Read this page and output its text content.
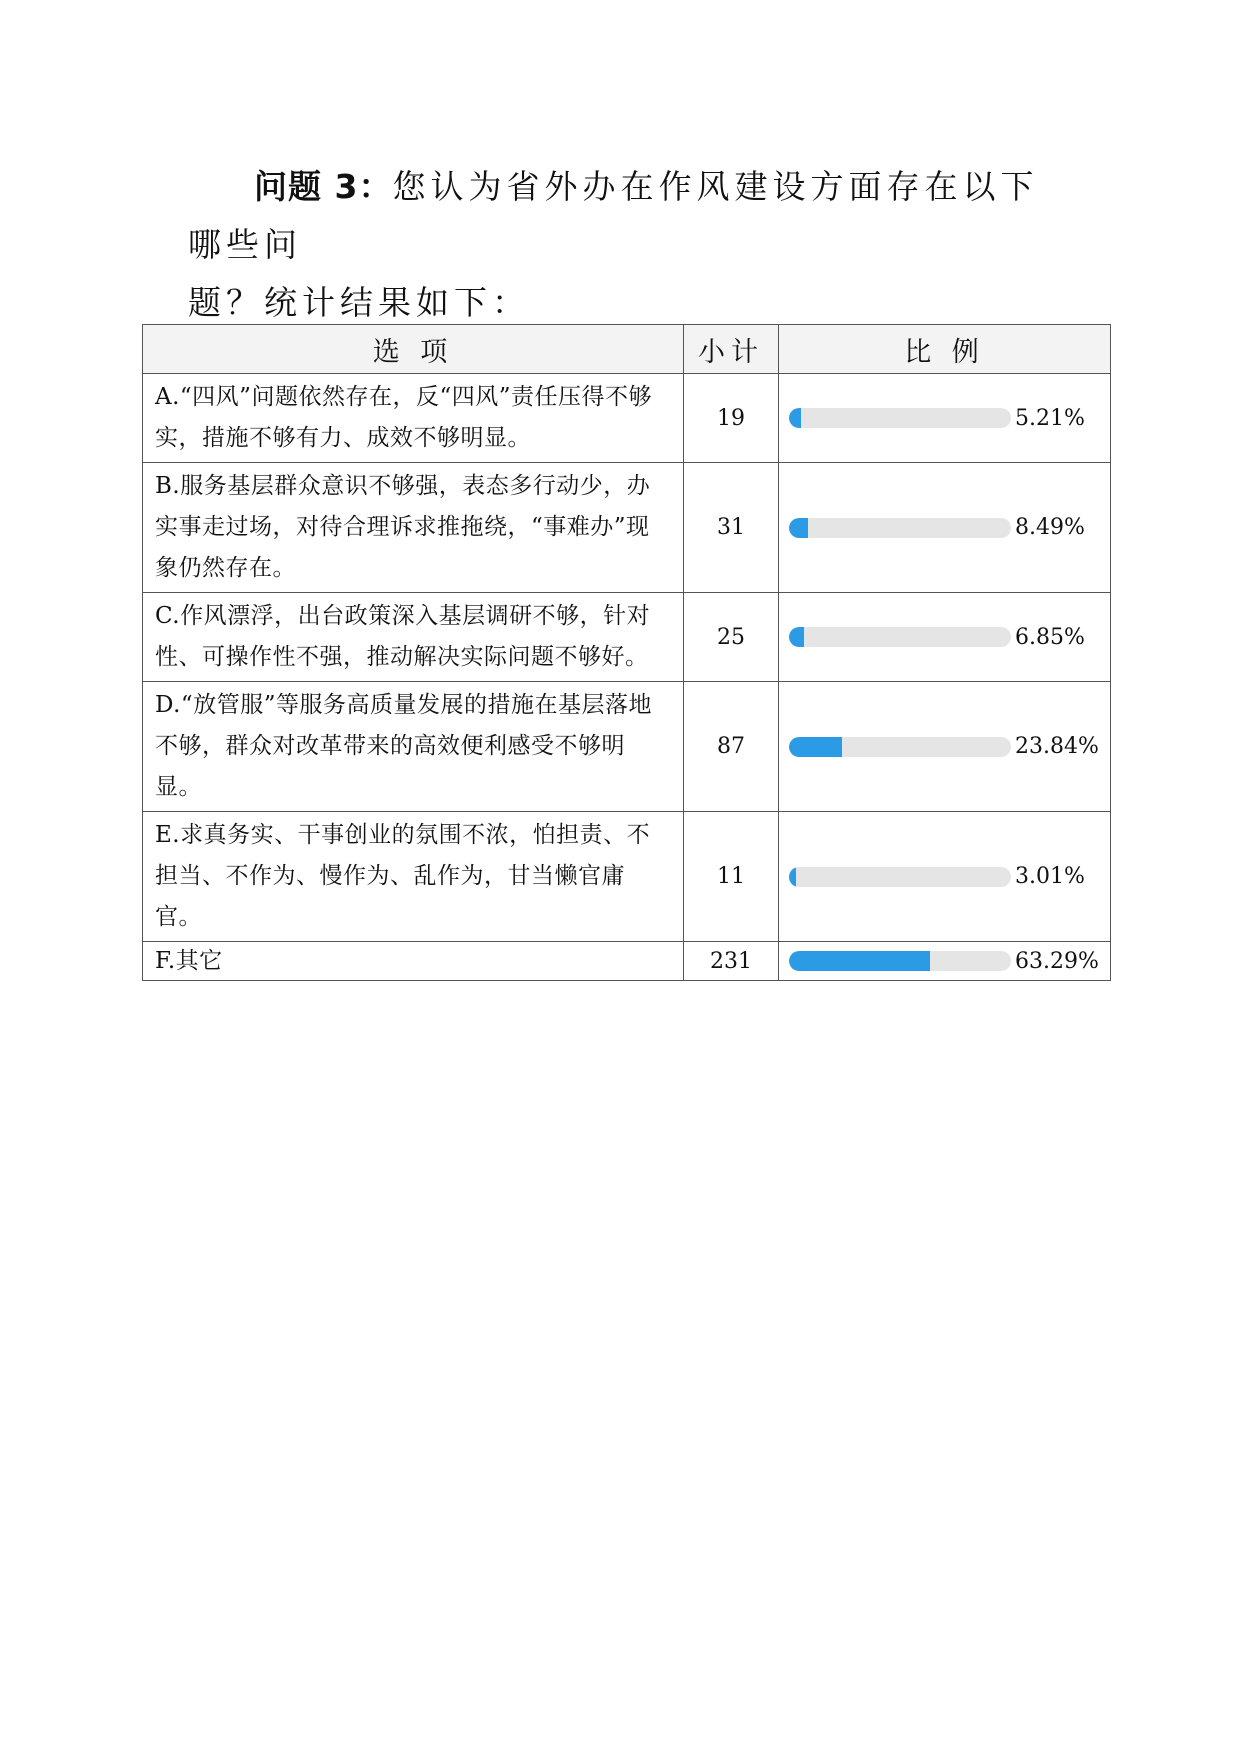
问题 3：您认为省外办在作风建设方面存在以下哪些问
题？统计结果如下：
选 项	小计	比 例
A.“四风”问题依然存在，反“四风”责任压得不够实，措施不够有力、成效不够明显。	19	5.21%

B.服务基层群众意识不够强，表态多行动少，办实事走过场，对待合理诉求推拖绕，“事难办”现象仍然存在。	31	8.49%

C.作风漂浮，出台政策深入基层调研不够，针对性、可操作性不强，推动解决实际问题不够好。	25	6.85%

D.“放管服”等服务高质量发展的措施在基层落地不够，群众对改革带来的高效便利感受不够明显。	87	23.84%

E.求真务实、干事创业的氛围不浓，怕担责、不担当、不作为、慢作为、乱作为，甘当懒官庸官。	11	3.01%

F.其它	231	63.29%
